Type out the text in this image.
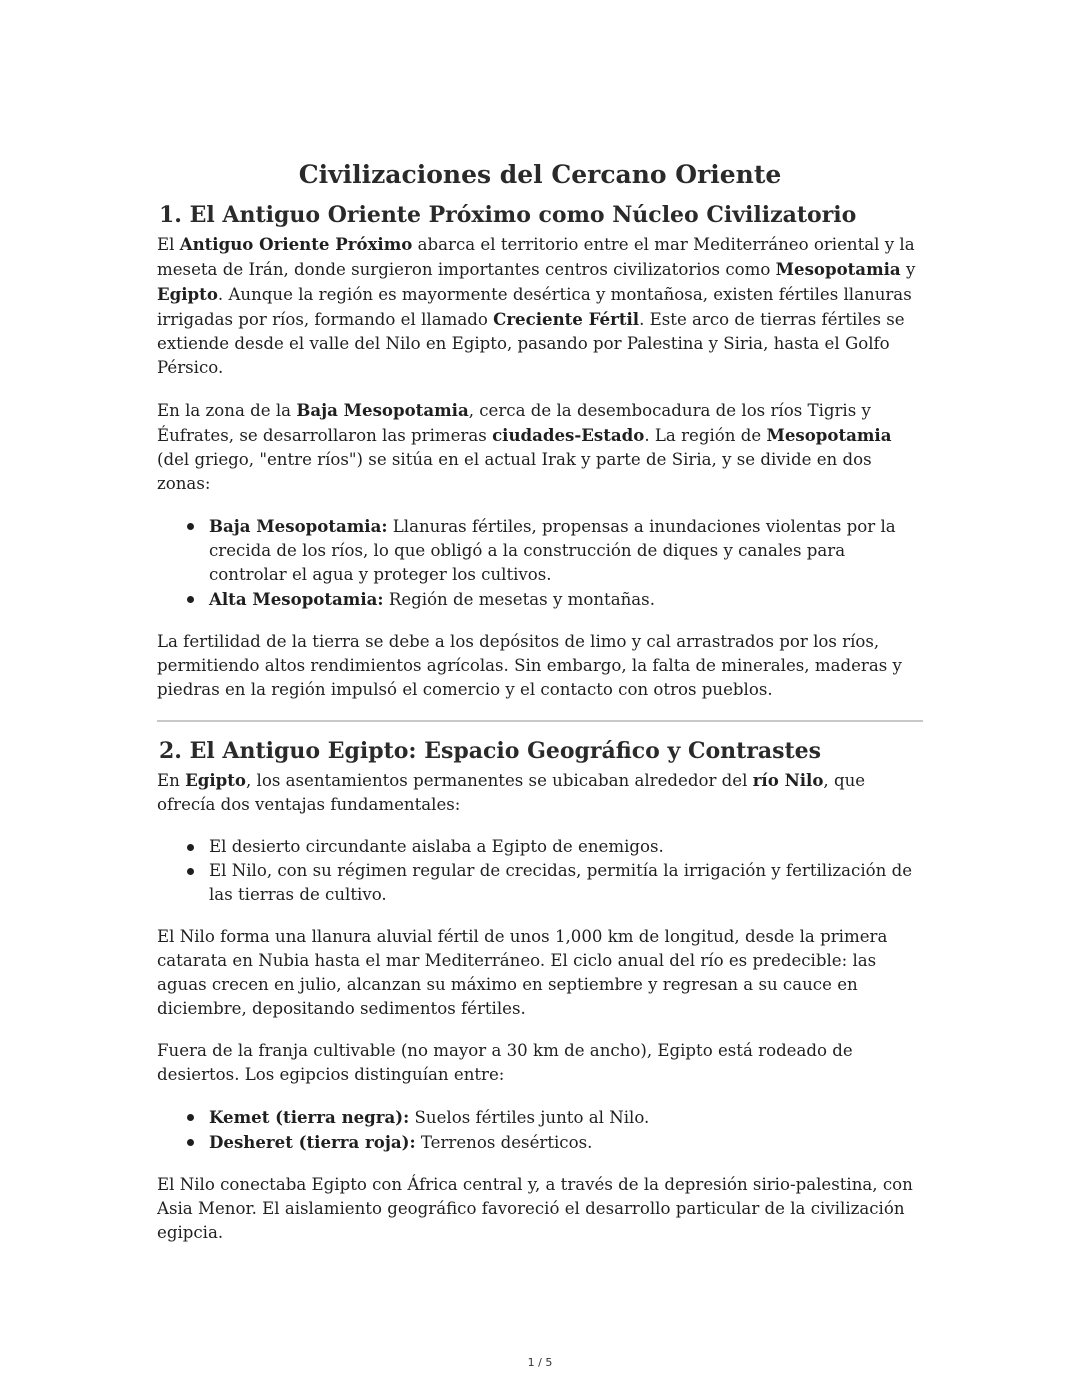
Civilizaciones del Cercano Oriente
1. El Antiguo Oriente Próximo como Núcleo Civilizatorio

El Antiguo Oriente Próximo abarca el territorio entre el mar Mediterráneo oriental y la meseta de Irán, donde surgieron importantes centros civilizatorios como Mesopotamia y Egipto. Aunque la región es mayormente desértica y montañosa, existen fértiles llanuras irrigadas por ríos, formando el llamado Creciente Fértil. Este arco de tierras fértiles se extiende desde el valle del Nilo en Egipto, pasando por Palestina y Siria, hasta el Golfo Pérsico.

En la zona de la Baja Mesopotamia, cerca de la desembocadura de los ríos Tigris y Éufrates, se desarrollaron las primeras ciudades-Estado. La región de Mesopotamia (del griego, "entre ríos") se sitúa en el actual Irak y parte de Siria, y se divide en dos zonas:

Baja Mesopotamia: Llanuras fértiles, propensas a inundaciones violentas por la crecida de los ríos, lo que obligó a la construcción de diques y canales para controlar el agua y proteger los cultivos.
Alta Mesopotamia: Región de mesetas y montañas.

La fertilidad de la tierra se debe a los depósitos de limo y cal arrastrados por los ríos, permitiendo altos rendimientos agrícolas. Sin embargo, la falta de minerales, maderas y piedras en la región impulsó el comercio y el contacto con otros pueblos.

2. El Antiguo Egipto: Espacio Geográfico y Contrastes

En Egipto, los asentamientos permanentes se ubicaban alrededor del río Nilo, que ofrecía dos ventajas fundamentales:

El desierto circundante aislaba a Egipto de enemigos.
El Nilo, con su régimen regular de crecidas, permitía la irrigación y fertilización de las tierras de cultivo.

El Nilo forma una llanura aluvial fértil de unos 1,000 km de longitud, desde la primera catarata en Nubia hasta el mar Mediterráneo. El ciclo anual del río es predecible: las aguas crecen en julio, alcanzan su máximo en septiembre y regresan a su cauce en diciembre, depositando sedimentos fértiles.

Fuera de la franja cultivable (no mayor a 30 km de ancho), Egipto está rodeado de desiertos. Los egipcios distinguían entre:

Kemet (tierra negra): Suelos fértiles junto al Nilo.
Desheret (tierra roja): Terrenos desérticos.

El Nilo conectaba Egipto con África central y, a través de la depresión sirio-palestina, con Asia Menor. El aislamiento geográfico favoreció el desarrollo particular de la civilización egipcia.

1 / 5
